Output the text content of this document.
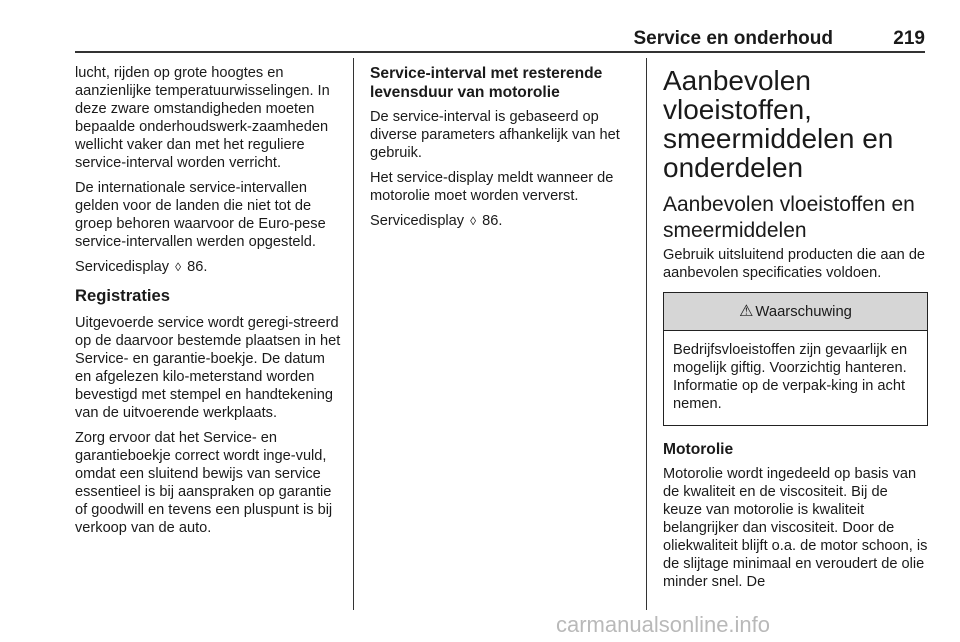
Service en onderhoud	219

lucht, rijden op grote hoogtes en aanzienlijke temperatuurwisselingen. In deze zware omstandigheden moeten bepaalde onderhoudswerk‑zaamheden wellicht vaker dan met het reguliere service-interval worden verricht.

De internationale service-intervallen gelden voor de landen die niet tot de groep behoren waarvoor de Euro‑pese service-intervallen werden opgesteld.

Servicedisplay ◊ 86.

Registraties

Uitgevoerde service wordt geregi‑streerd op de daarvoor bestemde plaatsen in het Service- en garantie‑boekje. De datum en afgelezen kilo‑meterstand worden bevestigd met stempel en handtekening van de uitvoerende werkplaats.

Zorg ervoor dat het Service- en garantieboekje correct wordt inge‑vuld, omdat een sluitend bewijs van service essentieel is bij aanspraken op garantie of goodwill en tevens een pluspunt is bij verkoop van de auto.

Service-interval met resterende levensduur van motorolie

De service-interval is gebaseerd op diverse parameters afhankelijk van het gebruik.

Het service-display meldt wanneer de motorolie moet worden ververst.

Servicedisplay ◊ 86.

Aanbevolen vloeistoffen, smeermiddelen en onderdelen
Aanbevolen vloeistoffen en smeermiddelen

Gebruik uitsluitend producten die aan de aanbevolen specificaties voldoen.

⚠ Waarschuwing
Bedrijfsvloeistoffen zijn gevaarlijk en mogelijk giftig. Voorzichtig hanteren. Informatie op de verpak‑king in acht nemen.
Motorolie

Motorolie wordt ingedeeld op basis van de kwaliteit en de viscositeit. Bij de keuze van motorolie is kwaliteit belangrijker dan viscositeit. Door de oliekwaliteit blijft o.a. de motor schoon, is de slijtage minimaal en veroudert de olie minder snel. De

carmanualsonline.info
